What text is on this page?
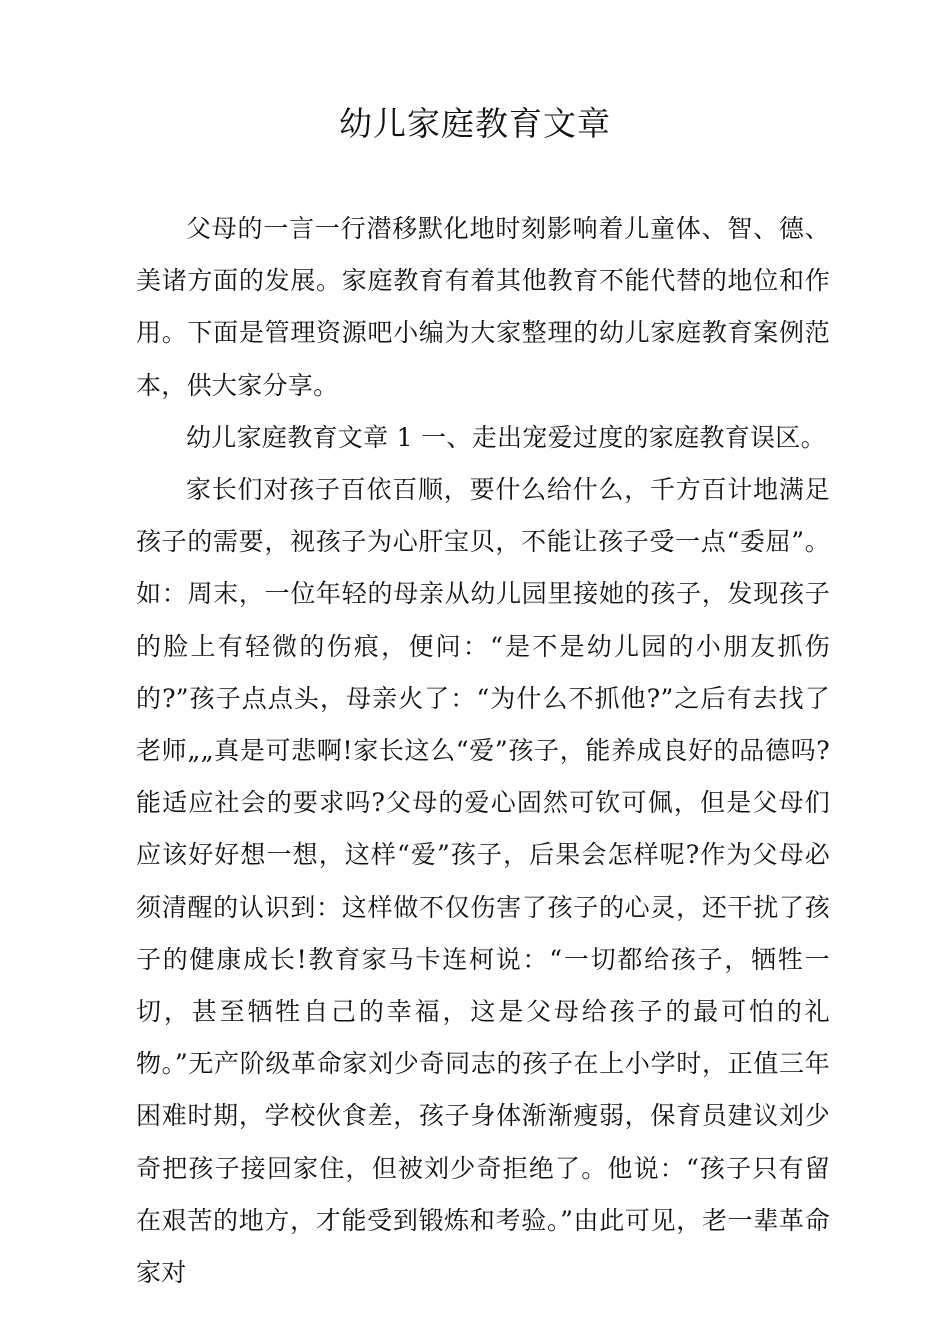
幼儿家庭教育文章

父母的一言一行潜移默化地时刻影响着儿童体、智、德、美诸方面的发展。家庭教育有着其他教育不能代替的地位和作用。下面是管理资源吧小编为大家整理的幼儿家庭教育案例范本，供大家分享。

幼儿家庭教育文章 1 一、走出宠爱过度的家庭教育误区。

家长们对孩子百依百顺，要什么给什么，千方百计地满足孩子的需要，视孩子为心肝宝贝，不能让孩子受一点“委屈”。如：周末，一位年轻的母亲从幼儿园里接她的孩子，发现孩子的脸上有轻微的伤痕，便问：“是不是幼儿园的小朋友抓伤的?”孩子点点头，母亲火了：“为什么不抓他?”之后有去找了老师„„真是可悲啊!家长这么“爱”孩子，能养成良好的品德吗?能适应社会的要求吗?父母的爱心固然可钦可佩，但是父母们应该好好想一想，这样“爱”孩子，后果会怎样呢?作为父母必须清醒的认识到：这样做不仅伤害了孩子的心灵，还干扰了孩子的健康成长!教育家马卡连柯说：“一切都给孩子，牺牲一切，甚至牺牲自己的幸福，这是父母给孩子的最可怕的礼物。”无产阶级革命家刘少奇同志的孩子在上小学时，正值三年困难时期，学校伙食差，孩子身体渐渐瘦弱，保育员建议刘少奇把孩子接回家住，但被刘少奇拒绝了。他说：“孩子只有留在艰苦的地方，才能受到锻炼和考验。”由此可见，老一辈革命家对
